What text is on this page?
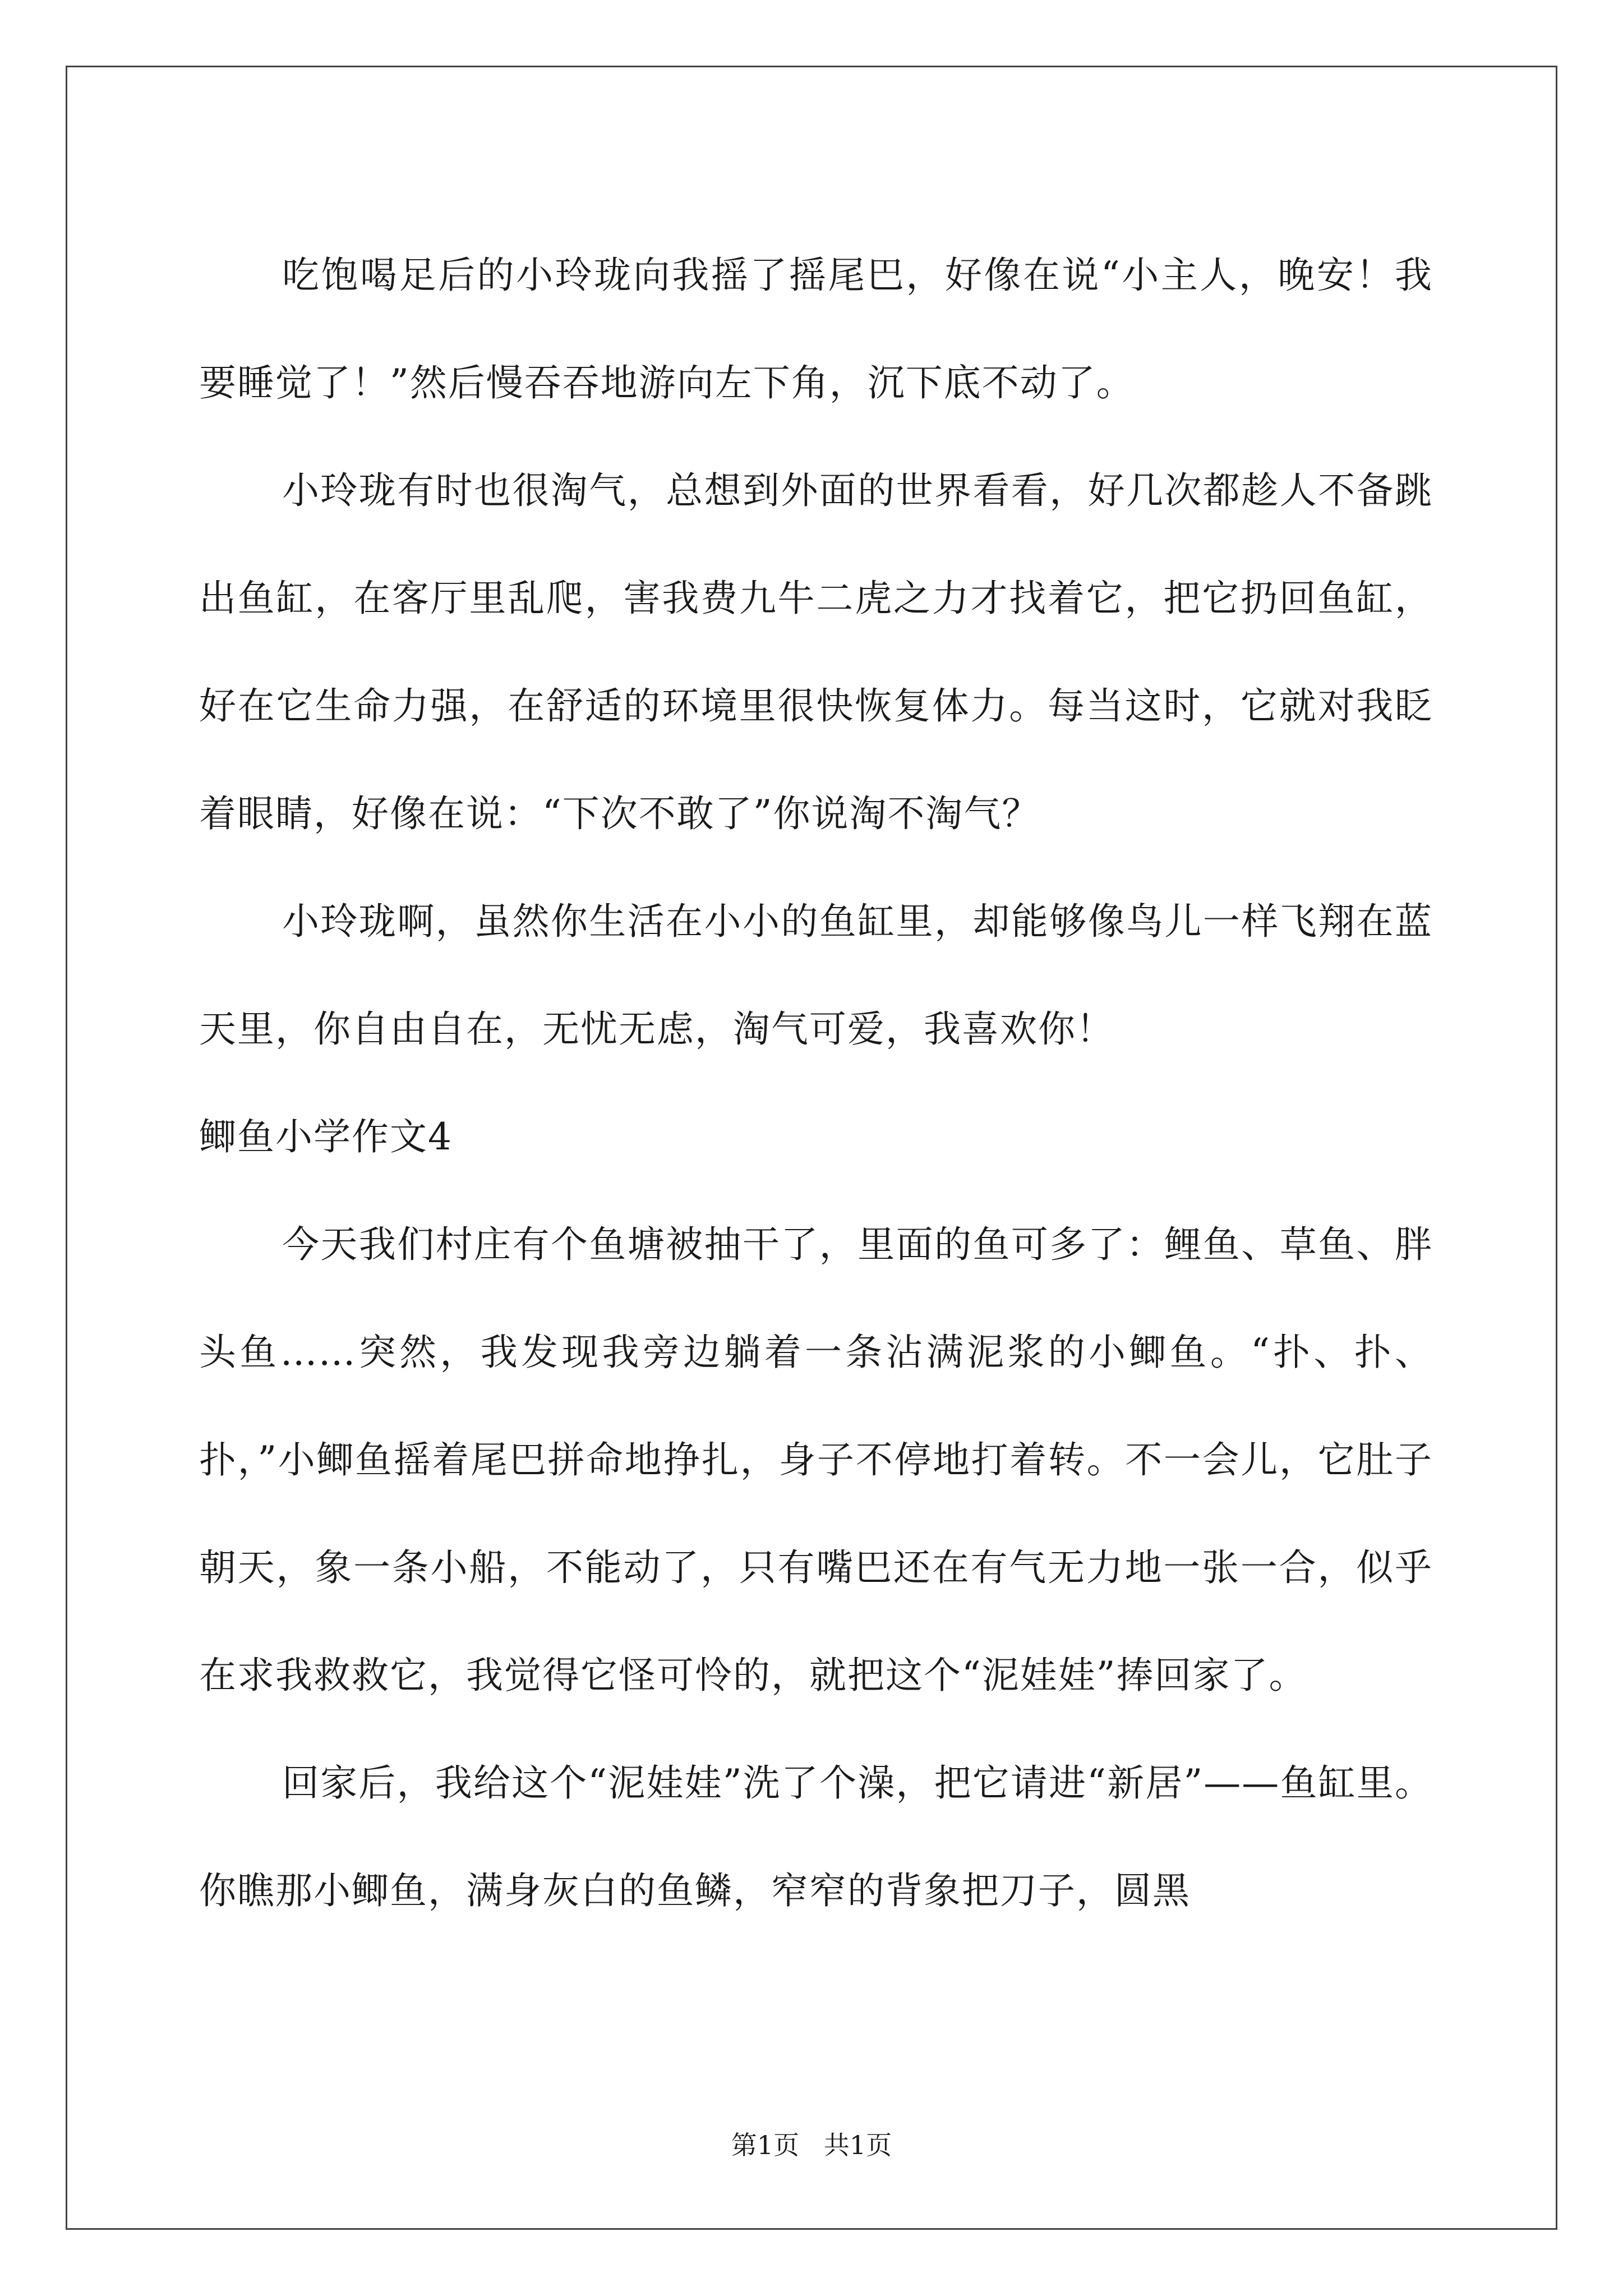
吃饱喝足后的小玲珑向我摇了摇尾巴，好像在说“小主人，晚安！我要睡觉了！”然后慢吞吞地游向左下角，沉下底不动了。

小玲珑有时也很淘气，总想到外面的世界看看，好几次都趁人不备跳出鱼缸，在客厅里乱爬，害我费九牛二虎之力才找着它，把它扔回鱼缸，好在它生命力强，在舒适的环境里很快恢复体力。每当这时，它就对我眨着眼睛，好像在说：“下次不敢了”你说淘不淘气？

小玲珑啊，虽然你生活在小小的鱼缸里，却能够像鸟儿一样飞翔在蓝天里，你自由自在，无忧无虑，淘气可爱，我喜欢你！

鲫鱼小学作文4

今天我们村庄有个鱼塘被抽干了，里面的鱼可多了：鲤鱼、草鱼、胖头鱼……突然，我发现我旁边躺着一条沾满泥浆的小鲫鱼。“扑、扑、扑，”小鲫鱼摇着尾巴拼命地挣扎，身子不停地打着转。不一会儿，它肚子朝天，象一条小船，不能动了，只有嘴巴还在有气无力地一张一合，似乎在求我救救它，我觉得它怪可怜的，就把这个“泥娃娃”捧回家了。

回家后，我给这个“泥娃娃”洗了个澡，把它请进“新居”——鱼缸里。你瞧那小鲫鱼，满身灰白的鱼鳞，窄窄的背象把刀子，圆黑

第1页   共1页
